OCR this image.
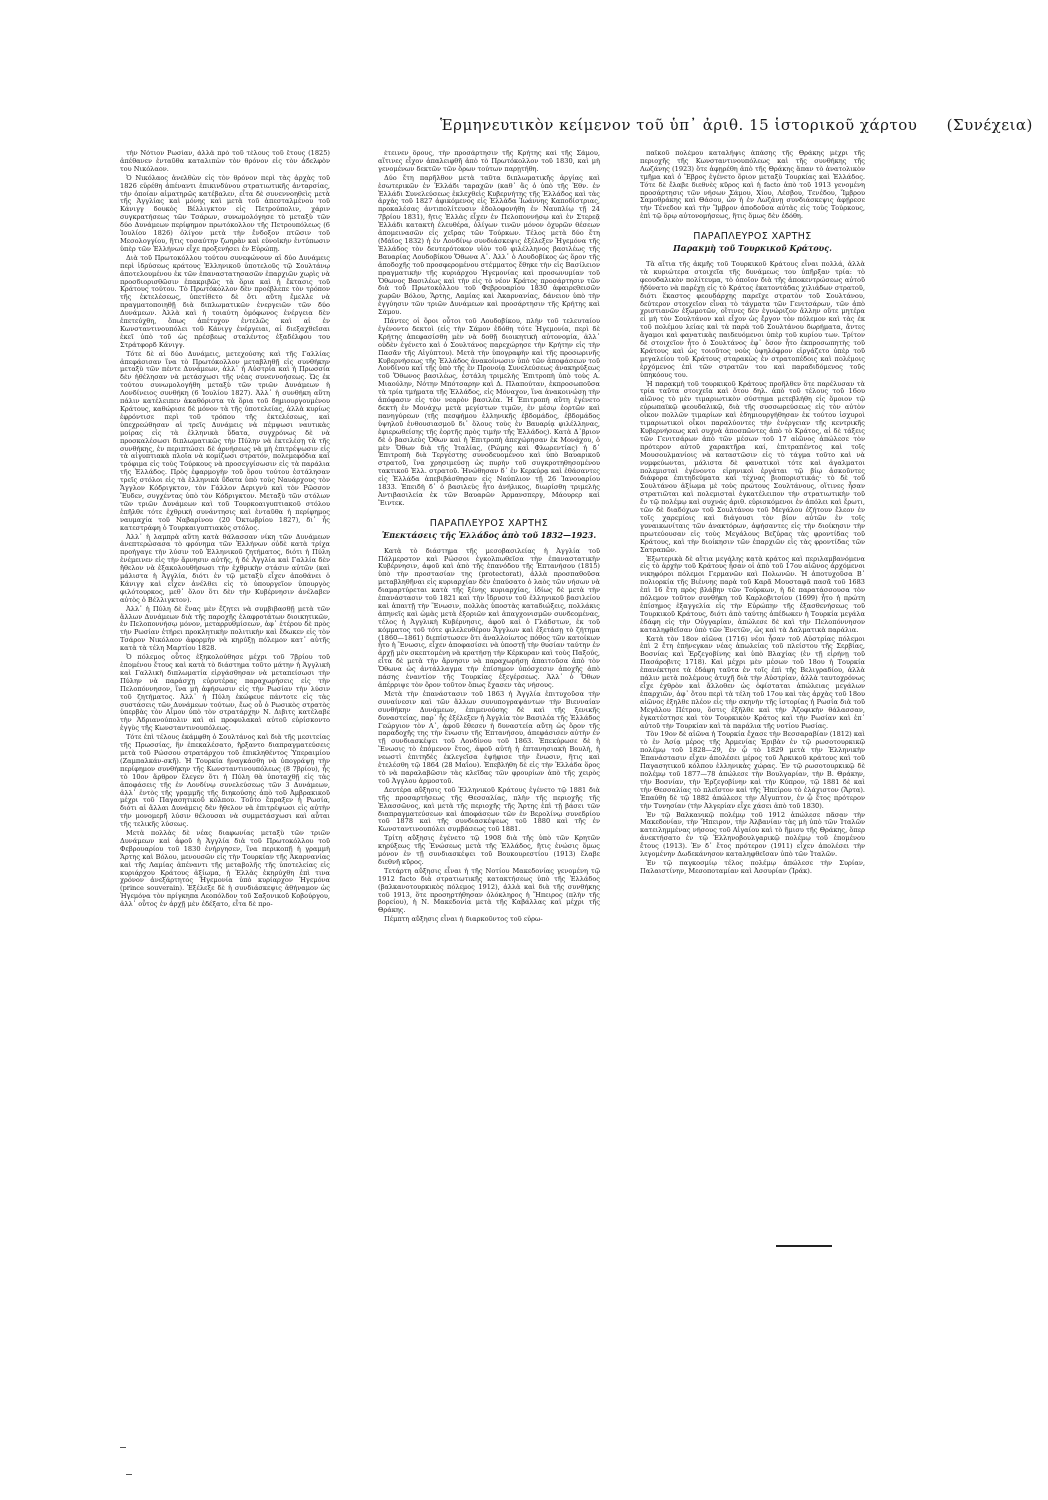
Ἑρμηνευτικὸν κείμενον τοῦ ὑπ᾽ ἀριθ. 15 ἱστορικοῦ χάρτου (Συνέχεια)

τὴν Νότιον Ρωσίαν, ἀλλὰ πρὸ τοῦ τέλους τοῦ ἔτους (1825) ἀπέθανεν ἐνταῦθα καταλιπὼν τὸν θρόνον εἰς τὸν ἀδελφὸν του Νικόλαον.

Ὁ Νικόλαος ἀνελθὼν εἰς τὸν θρόνον περὶ τὰς ἀρχὰς τοῦ 1826 εὑρέθη ἀπέναντι ἐπικινδύνου στρατιωτικῆς ἀνταρσίας, τὴν ὁποίαν αἱματηρῶς κατέβαλεν, εἶτα δὲ συνεννοηθεὶς μετὰ τῆς Ἀγγλίας καὶ μόνης καὶ μετὰ τοῦ ἀπεσταλμένου τοῦ Κάνιγγ δουκὸς Βέλλιγκτον εἰς Πετρούπολιν, χάριν συγκρατήσεως τῶν Τσάρων, συνωμολόγησε τὸ μεταξὺ τῶν δύο Δυνάμεων περίφημον πρωτόκολλον τῆς Πετρουπόλεως (6 Ἰουλίου 1826) ὀλίγον μετὰ τὴν ἔνδοξον πτῶσιν τοῦ Μεσολογγίου, ἥτις τοσαύτην ζωηρὰν καὶ εὐνοϊκὴν ἐντύπωσιν ὑπὲρ τῶν Ἑλλήνων εἶχε προξενήσει ἐν Εὐρώπῃ.

Διὰ τοῦ Πρωτοκόλλου τούτου συνεφώνουν αἱ δύο Δυνάμεις περὶ ἱδρύσεως κράτους Ἑλληνικοῦ ὑποτελοῦς τῷ Σουλτάνῳ ἀποτελουμένου ἐκ τῶν ἐπαναστατησασῶν ἐπαρχιῶν χωρὶς νὰ προσδιορισθῶσιν ἐπακριβῶς τὰ ὅρια καὶ ἡ ἔκτασις τοῦ Κράτους τούτου. Τὸ Πρωτόκολλον δὲν προέβλεπε τὸν τρόπον τῆς ἐκτελέσεως, ὑπετίθετο δὲ ὅτι αὕτη ἔμελλε νὰ πραγματοποιηθῇ διὰ διπλωματικῶν ἐνεργειῶν τῶν δύο Δυνάμεων. Ἀλλὰ καὶ ἡ τοιαύτη ὁμόφωνος ἐνέργεια δὲν ἐπετεύχθη, ὅπως ἀπέτυχον ἐντελῶς καὶ αἱ ἐν Κωνσταντινουπόλει τοῦ Κάνιγγ ἐνέργειαι, αἱ διεξαχθεῖσαι ἐκεῖ ὑπὸ τοῦ ὡς πρέσβεως σταλέντος ἐξαδέλφου του Στράτφορδ Κάνιγγ.

Τότε δὲ αἱ δύο Δυνάμεις, μετεχούσης καὶ τῆς Γαλλίας ἀπεφάσισαν ἵνα τὸ Πρωτόκολλον μεταβληθῇ εἰς συνθήκην μεταξὺ τῶν πέντε Δυνάμεων, ἀλλ᾽ ἡ Αὐστρία καὶ ἡ Πρωσσία δὲν ἠθέλησαν νὰ μετάσχωσι τῆς νέας συνεννοήσεως. Ὡς ἐκ τούτου συνωμολογήθη μεταξὺ τῶν τριῶν Δυνάμεων ἡ Λονδίνειος συνθήκη (6 Ἰουλίου 1827). Ἀλλ᾽ ἡ συνθήκη αὕτη πάλιν κατέλειπεν ἀκαθόριστα τὰ ὅρια τοῦ δημιουργουμένου Κράτους, καθώρισε δὲ μόνον τὰ τῆς ὑποτελείας, ἀλλὰ κυρίως ἐφρόντισε περὶ τοῦ τρόπου τῆς ἐκτελέσεως, καὶ ὑπεχρεώθησαν αἱ τρεῖς Δυνάμεις νὰ πέμψωσι ναυτικὰς μοίρας εἰς τὰ ἑλληνικὰ ὕδατα, συγχρόνως δὲ νὰ προσκαλέσωσι διπλωματικῶς τὴν Πύλην νὰ ἐκτελέσῃ τὰ τῆς συνθήκης, ἐν περιπτώσει δὲ ἀρνήσεως νὰ μὴ ἐπιτρέψωσιν εἰς τὰ αἰγυπτιακὰ πλοῖα νὰ κομίζωσι στρατόν, πολεμεφόδια καὶ τρόφιμα εἰς τοὺς Τούρκους νὰ προσεγγίσωσιν εἰς τὰ παράλια τῆς Ἑλλάδος. Πρὸς ἐφαρμογὴν τοῦ ὅρου τούτου ἐστάλησαν τρεῖς στόλοι εἰς τὰ ἑλληνικὰ ὕδατα ὑπὸ τοὺς Ναυάρχους τὸν Ἄγγλον Κόδριγκτον, τὸν Γάλλον Δεριγνὺ καὶ τὸν Ρῶσσον Ἔυδεν, συγχέντας ὑπὸ τὸν Κόδριγκτον. Μεταξὺ τῶν στόλων τῶν τριῶν Δυνάμεων καὶ τοῦ Τουρκοαιγυπτιακοῦ στόλου ἐπῆλθε τότε ἐχθρικὴ συνάντησις καὶ ἐνταῦθα ἡ περίφημος ναυμαχία τοῦ Ναβαρίνου (20 Ὀκτωβρίου 1827), δι᾽ ἧς κατεστράφη ὁ Τουρκαιγυπτιακὸς στόλος.

Ἀλλ᾽ ἡ λαμπρὰ αὕτη κατὰ θάλασσαν νίκη τῶν Δυνάμεων ἀνεπτερώσασα τὸ φρόνημα τῶν Ἑλλήνων οὐδὲ κατὰ τρίχα προήγαγε τὴν λύσιν τοῦ Ἑλληνικοῦ ζητήματος, διότι ἡ Πύλη ἐνέμεινεν εἰς τὴν ἄρνησιν αὐτῆς, ἡ δὲ Ἀγγλία καὶ Γαλλία δὲν ἤθελον νὰ ἐξακολουθήσωσι τὴν ἐχθρικὴν στάσιν αὐτῶν (καὶ μάλιστα ἡ Ἀγγλία, διότι ἐν τῷ μεταξὺ εἶχεν ἀποθάνει ὁ Κάνιγγ καὶ εἶχεν ἀνέλθει εἰς τὸ ὑπουργεῖον ὑπουργὸς φιλότουρκος, μεθ᾽ ὅλον ὅτι δὲν τὴν Κυβέρνησιν ἀνέλαβεν αὐτὸς ὁ Βέλλιγκτον).

Ἀλλ᾽ ἡ Πύλη δὲ ἕνας μὲν ἔζητει νὰ συμβιβασθῇ μετὰ τῶν ἄλλων Δυνάμεων διὰ τῆς παροχῆς ἐλαφροτάτων διοικητικῶν, ἐν Πελοποννήσῳ μόνον, μεταρρυθμίσεων, ἀφ᾽ ἑτέρου δὲ πρὸς τὴν Ρωσίαν ἐτήρει προκλητικὴν πολιτικὴν καὶ ἔδωκεν εἰς τὸν Τσάρον Νικόλαον ἀφορμὴν νὰ κηρύξῃ πόλεμον κατ᾽ αὐτῆς κατὰ τὰ τέλη Μαρτίου 1828.

Ὁ πόλεμος οὗτος ἐξηκολούθησε μέχρι τοῦ 7βρίου τοῦ ἐπομένου ἔτους καὶ κατὰ τὸ διάστημα τοῦτο μάτην ἡ Ἀγγλικὴ καὶ Γαλλικὴ διπλωματία εἰργάσθησαν νὰ μεταπείσωσι τὴν Πύλην νὰ παράσχῃ εὐρυτέρας παραχωρήσεις εἰς τὴν Πελοπόννησον, ἵνα μὴ ἀφήσωσιν εἰς τὴν Ρωσίαν τὴν λύσιν τοῦ ζητήματος. Ἀλλ᾽ ἡ Πύλη ἐκώφευε πάντοτε εἰς τὰς συστάσεις τῶν Δυνάμεων τούτων, ἕως οὗ ὁ Ρωσικὸς στρατὸς ὑπερβὰς τὸν Αἶμον ὑπὸ τὸν στρατάρχην Ν. Διβιτς κατέλαβε τὴν Ἀδριανούπολιν καὶ αἱ προφυλακαὶ αὐτοῦ εὑρίσκοντο ἐγγὺς τῆς Κωνσταντινουπόλεως.

Τότε ἐπὶ τέλους ἐκάμφθη ὁ Σουλτάνος καὶ διὰ τῆς μεσιτείας τῆς Πρωσσίας, ἣν ἐπεκαλέσατο, ἤρξαντο διαπραγματεύσεις μετὰ τοῦ Ρώσσου στρατάρχου τοῦ ἐπικληθέντος Ὑπεραιμίου (Ζαμπαλκάν-σκῆ). Ἡ Τουρκία ἠναγκάσθη νὰ ὑπογράψῃ τὴν περίφημον συνθήκην τῆς Κωνσταντινουπόλεως (8 7βρίου), ἧς τὸ 10ον ἄρθρον ἔλεγεν ὅτι ἡ Πύλη θὰ ὑποταχθῇ εἰς τὰς ἀποφάσεις τῆς ἐν Λονδίνῳ συνελεύσεως τῶν 3 Δυνάμεων, ἀλλ᾽ ἐντὸς τῆς γραμμῆς τῆς διηκούσης ἀπὸ τοῦ Ἀμβρακικοῦ μέχρι τοῦ Παγασητικοῦ κόλπου. Τοῦτο ἔπραξεν ἡ Ρωσία, διότι αἱ ἄλλαι Δυνάμεις δὲν ἤθελον νὰ ἐπιτρέψωσι εἰς αὐτὴν τὴν μονομερῆ λύσιν θέλουσαι νὰ συμμετάσχωσι καὶ αὗται τῆς τελικῆς λύσεως.

Μετὰ πολλὰς δὲ νέας διαφωνίας μεταξὺ τῶν τριῶν Δυνάμεων καὶ ἀφοῦ ἡ Ἀγγλία διὰ τοῦ Πρωτοκόλλου τοῦ Φεβρουαρίου τοῦ 1830 ἐνήργησεν, ἵνα περικοπῇ ἡ γραμμὴ Ἄρτης καὶ Βόλου, μενουσῶν εἰς τὴν Τουρκίαν τῆς Ἀκαρνανίας καὶ τῆς Λαμίας ἀπέναντι τῆς μεταβολῆς τῆς ὑποτελείας εἰς κυριάρχου Κράτους ἀξίωμα, ἡ Ἑλλὰς ἐκηρύχθη ἐπὶ τινα χρόνον ἀνεξάρτητος Ἡγεμονία ὑπὸ κυρίαρχον Ἡγεμόνα (prince souverain). Ἐξέλεξε δὲ ἡ συνδιάσκεψις ἀθήναμον ὡς Ἡγεμόνα τὸν πρίγκηπα Λεοπόλδον τοῦ Σαξονικοῦ Κοβούργου, ἀλλ᾽ οὗτος ἐν ἀρχῇ μὲν ἐδέξατο, εἶτα δὲ προ-

έτεινεν ὅρους, τὴν προσάρτησιν τῆς Κρήτης καὶ τῆς Σάμου, αἵτινες εἶχον ἀπαλειφθῆ ἀπὸ τὸ Πρωτόκολλον τοῦ 1830, καὶ μὴ γενομένων δεκτῶν τῶν ὅρων τούτων παρῃτήθη.

Δύο ἔτη παρῆλθον μετὰ ταῦτα διπλωματικῆς ἀργίας καὶ ἐσωτερικῶν ἐν Ἑλλάδι ταραχῶν (καθ᾽ ἃς ὁ ὑπὸ τῆς Ἐθν. ἐν Ἑλλάδι Συνελεύσεως ἐκλεχθεὶς Κυβερνήτης τῆς Ἑλλάδος καὶ τὰς ἀρχὰς τοῦ 1827 ἀφικόμενος εἰς Ἑλλάδα Ἰωάννης Καποδίστριας, προκαλέσας ἀντιπολίτευσιν ἐδολοφονήθη ἐν Ναυπλίῳ τῇ 24 7βρίου 1831), ἥτις Ἑλλὰς εἶχεν ἐν Πελοποννήσῳ καὶ ἐν Στερεᾷ Ἑλλάδι κατακτὴ ἐλευθέρα, ὀλίγων τινῶν μόνον ὀχυρῶν θέσεων ἀπομεινασῶν εἰς χεῖρας τῶν Τούρκων. Τέλος μετὰ δύο ἔτη (Μάϊος 1832) ἡ ἐν Λονδίνῳ συνδιάσκεψις ἐξέλεξεν Ἡγεμόνα τῆς Ἑλλάδος τὸν δευτερότοκον υἱὸν τοῦ φιλέλληνος βασιλέως τῆς Βαυαρίας Λουδοβίκου Ὄθωνα Α᾽. Ἀλλ᾽ ὁ Λουδοβίκος ὡς ὅρον τῆς ἀποδοχῆς τοῦ προσφερομένου στέμματος ἔθηκε τὴν εἰς Βασίλειον πραγματικὴν τῆς κυριάρχου Ἡγεμονίας καὶ προσωνυμίαν τοῦ Ὄθωνος Βασιλέως καὶ τὴν εἰς τὸ νέον Κράτος προσάρτησιν τῶν διὰ τοῦ Πρωτοκόλλου τοῦ Φεβρουαρίου 1830 ἀφαιρεθεισῶν χωρῶν Βόλου, Ἄρτης, Λαμίας καὶ Ἀκαρνανίας, δάνειον ὑπὸ τὴν ἐγγύησιν τῶν τριῶν Δυνάμεων καὶ προσάρτησιν τῆς Κρήτης καὶ Σάμου.

Πάντες οἱ ὅροι οὗτοι τοῦ Λουδοβίκου, πλὴν τοῦ τελευταίου ἐγένοντο δεκτοὶ (εἰς τὴν Σάμον ἐδόθη τότε Ἡγεμονία, περὶ δὲ Κρήτης ἀπεφασίσθη μὲν νὰ δοθῇ διοικητικὴ αὐτονομία, ἀλλ᾽ οὐδὲν ἐγένετο καὶ ὁ Σουλτάνος παρεχώρησε τὴν Κρήτην εἰς τὴν Πασᾶν τῆς Αἰγύπτου). Μετὰ τὴν ὑπογραφὴν καὶ τῆς προσωρινῆς Κυβερνήσεως τῆς Ἑλλάδος ἀνακοίνωσιν ὑπὸ τῶν ἀποφάσεων τοῦ Λονδίνου καὶ τῆς ὑπὸ τῆς ἐν Προνοίᾳ Συνελεύσεως ἀνακηρύξεως τοῦ Ὄθωνος βασιλέως, ἐστάλη τριμελὴς Ἐπιτροπὴ ὑπὸ τοὺς Α. Μιαούλην, Νότην Μπότσαρην καὶ Δ. Πλαπούταν, ἐκπροσωποῦσα τὰ τρία τμήματα τῆς Ἑλλάδος, εἰς Μόναχον, ἵνα ἀνακοινώσῃ τὴν ἀπόφασιν εἰς τὸν νεαρὸν βασιλέα. Ἡ Ἐπιτροπὴ αὕτη ἐγένετο δεκτὴ ἐν Μονάχῳ μετὰ μεγίστων τιμῶν, ἐν μέσῳ ἑορτῶν καὶ πανηγύρεων (τῆς πεσφήμου ἑλληνικῆς ἑβδομάδος, ἑβδομάδος ὑψηλοῦ ἐνθουσιασμοῦ δι᾽ ὅλους τοὺς ἐν Βαυαρίᾳ φιλέλληνας, ἐφιερωθείσης τῆς ἑορτῆς πρὸς τιμὴν τῆς Ἑλλάδος). Κατὰ Δ᾽βριον δὲ ὁ βασιλεὺς Ὄθων καὶ ἡ Ἐπιτροπὴ ἀπεχώρησαν ἐκ Μονάχου, ὁ μὲν Ὄθων διὰ τῆς Ἰταλίας, (Ρώμης καὶ Φλωρεντίας) ἡ δ᾽ Ἐπιτροπὴ διὰ Τεργέστης συνοδευομένου καὶ ὑπὸ Βαυαρικοῦ στρατοῦ, ἵνα χρησιμεύσῃ ὡς πυρὴν τοῦ συγκροτηθησομένου τακτικοῦ Ἑλλ. στρατοῦ. Ἡνώθησαν δ᾽ ἐν Κερκύρᾳ καὶ ἐθάσαντες εἰς Ἑλλάδα ἀπεβιβάσθησαν εἰς Ναύπλιον τῇ 26 Ἰανουαρίου 1833. Ἐπειδὴ δ᾽ ὁ βασιλεὺς ἦτο ἀνήλικος, διωρίσθη τριμελὴς Ἀντιβασιλεία ἐκ τῶν Βαυαρῶν Ἀρμανσπεργ, Μάουρερ καὶ Ἔιντεκ.

ΠΑΡΑΠΛΕΥΡΟΣ ΧΑΡΤΗΣ
Ἐπεκτάσεις τῆς Ἑλλάδος ἀπὸ τοῦ 1832—1923.

Κατὰ τὸ διάστημα τῆς μεσοβασιλείας ἡ Ἀγγλία τοῦ Πάλμερστον καὶ Ρώσσοι ἐγκολπωθεῖσα τὴν ἐπαναστατικὴν Κυβέρνησιν, ἀφοῦ καὶ ἀπὸ τῆς ἐπανόδου τῆς Ἑπτανήσου (1815) ὑπὸ τὴν προστασίαν της (protectorat), ἀλλὰ προσπαθοῦσα μεταβληθῆναι εἰς κυριαρχίαν δὲν ἐπαύσατο ὁ λαὸς τῶν νήσων νὰ διαμαρτύρεται κατὰ τῆς ξένης κυριαρχίας, ἰδίως δὲ μετὰ τὴν ἐπανάστασιν τοῦ 1821 καὶ τὴν ἵδρυσιν τοῦ ἑλληνικοῦ βασιλείου καὶ ἀπαιτῇ τὴν Ἕνωσιν, πολλὰς ὑποστὰς καταδιώξεις, πολλάκις ἀπηνεῖς καὶ ὡμὰς μετὰ ἐξοριῶν καὶ ἀπαγχονισμῶν συνδεομένας, τέλος ἡ Ἀγγλικὴ Κυβέρνησις, ἀφοῦ καὶ ὁ Γλάδστων, ἐκ τοῦ κόμματος τοῦ τότε φιλελευθέρου Ἄγγλων καὶ ἐξετάσῃ τὸ ζήτημα (1860—1861) διεπίστωσεν ὅτι ἀναλλοίωτος πόθος τῶν κατοίκων ἦτο ἡ Ἕνωσις, εἶχεν ἀποφασίσει νὰ ὑποστῇ τὴν θυσίαν ταύτην ἐν ἀρχῇ μὲν σκεπτομένη νὰ κρατήσῃ τὴν Κέρκυραν καὶ τοὺς Παξούς, εἶτα δὲ μετὰ τὴν ἄρνησιν νὰ παραχωρήσῃ ἀπαιτοῦσα ἀπὸ τὸν Ὄθωνα ὡς ἀντάλλαγμα τὴν ἐπίσημον ὑπόσχεσιν ἀποχῆς ἀπὸ πάσης ἐναντίον τῆς Τουρκίας ἐξεγέρσεως. Ἀλλ᾽ ὁ Ὄθων ἀπέρριψε τὸν ὅρον τοῦτον ὅπως ἔχασεν τὰς νήσους.

Μετὰ τὴν ἐπανάστασιν τοῦ 1863 ἡ Ἀγγλία ἐπιτυχοῦσα τὴν συναίνεσιν καὶ τῶν ἄλλων συνυπογραψάντων τὴν Βιενναίαν συνθήκην Δυνάμεων, ἐπιμενούσης δὲ καὶ τῆς ξενικῆς δυναστείας, παρ᾽ ἧς ἐξέλεξεν ἡ Ἀγγλία τὸν Βασιλέα τῆς Ἑλλάδος Γεώργιον τὸν Α᾽, ἀφοῦ ἔθεσεν ἡ δυναστεία αὕτη ὡς ὅρον τῆς παραδοχῆς της τὴν ἕνωσιν τῆς Ἑπτανήσου, ἀπεφάσισεν αὐτὴν ἐν τῇ συνδιασκέψει τοῦ Λονδίνου τοῦ 1863. Ἐπεκύρωσε δὲ ἡ Ἕνωσις τὸ ἑπόμενον ἔτος, ἀφοῦ αὐτὴ ἡ ἑπτανησιακὴ Βουλὴ, ἡ νεωστὶ ἐπιτηδὲς ἐκλεγεῖσα ἐψήφισε τὴν ἕνωσιν, ἥτις καὶ ἐτελέσθη τῷ 1864 (28 Μαΐου). Ἐπεβλήθη δὲ εἰς τὴν Ἑλλάδα ὅρος τὸ νὰ παραλαβῶσιν τὰς κλεῖδας τῶν φρουρίων ἀπὸ τῆς χειρὸς τοῦ Ἀγγλου ἁρμοστοῦ.

Δευτέρα αὔξησις τοῦ Ἑλληνικοῦ Κράτους ἐγένετο τῷ 1881 διὰ τῆς προσαρτήσεως τῆς Θεσσαλίας, πλὴν τῆς περιοχῆς τῆς Ἐλασσῶνος, καὶ μετὰ τῆς περιοχῆς τῆς Ἄρτης ἐπὶ τῇ βάσει τῶν διαπραγματεύσεων καὶ ἀποφάσεων τῶν ἐν Βερολίνῳ συνεδρίου τοῦ 1878 καὶ τῆς συνδιασκέψεως τοῦ 1880 καὶ τῆς ἐν Κωνσταντινουπόλει συμβάσεως τοῦ 1881.

Τρίτη αὔξησις ἐγένετο τῷ 1908 διὰ τῆς ὑπὸ τῶν Κρητῶν κηρύξεως τῆς Ἑνώσεως μετὰ τῆς Ἑλλάδος, ἥτις ἐνώσις ὅμως μόνον ἐν τῇ συνδιασκέψει τοῦ Βουκουρεστίου (1913) ἔλαβε διεθνῆ κῦρος.

Τετάρτη αὔξησις εἶναι ἡ τῆς Νοτίου Μακεδονίας γενομένη τῷ 1912 facto διὰ στρατιωτικῆς κατακτήσεως ὑπὸ τῆς Ἑλλάδος (βαλκανοτουρκικὸς πόλεμος 1912), ἀλλὰ καὶ διὰ τῆς συνθήκης τοῦ 1913, ὅτε προσηρτήθησαν ὁλόκληρος ἡ Ἤπειρος (πλὴν τῆς βορείου), ἡ Ν. Μακεδονία μετὰ τῆς Καβάλλας καὶ μέχρι τῆς Θράκης.

Πέμπτη αὔξησις εἶναι ἡ διαρκοῦντος τοῦ εὐρω-

παϊκοῦ πολέμου καταλήψις ἁπάσης τῆς Θράκης μέχρι τῆς περιοχῆς τῆς Κωνσταντινουπόλεως καὶ τῆς συνθήκης τῆς Λωζάνης (1923) ὅτε ἀφῃρέθη ἀπὸ τῆς Θράκης ἅπαν τὸ ἀνατολικὸν τμῆμα καὶ ὁ Ἕβρος ἐγένετο ὅριον μεταξὺ Τουρκίας καὶ Ἑλλάδος. Τότε δὲ ἔλαβε διεθνὲς κῦρος καὶ ἡ facto ἀπὸ τοῦ 1913 γενομένη προσάρτησις τῶν νήσων Σάμου, Χίου, Λέσβου, Τενέδου, Ἴμβρου Σαμοθράκης καὶ Θάσου, ὧν ἡ ἐν Λωζάνῃ συνδιάσκεψις ἀφῄρεσε τὴν Τένεδον καὶ τὴν Ἴμβρον ἀποδοῦσα αὐτὰς εἰς τοὺς Τούρκους, ἐπὶ τῷ ὅρῳ αὐτονομήσεως, ἥτις ὅμως δὲν ἐδόθη.

ΠΑΡΑΠΛΕΥΡΟΣ ΧΑΡΤΗΣ
Παρακμὴ τοῦ Τουρκικοῦ Κράτους.

Τὰ αἴτια τῆς ἀκμῆς τοῦ Τουρκικοῦ Κράτους εἶναι πολλά, ἀλλὰ τὰ κυριώτερα στοιχεῖα τῆς δυνάμεως του ὑπῆρξαν τρία: τὸ φεουδαλικὸν πολίτευμα, τὸ ὁποῖον διὰ τῆς ἀποκεντρώσεως αὐτοῦ ἠδύνατο νὰ παρέχῃ εἰς τὸ Κράτος ἑκατοντάδας χιλιάδων στρατοῦ, διότι ἕκαστος φεουδάρχης παρεῖχε στρατὸν τοῦ Σουλτάνου, δεύτερον στοιχεῖον εἶναι τὸ τάγματα τῶν Γενιτσάρων, τῶν ἀπὸ χριστιανῶν ἐξωμοτῶν, οἵτινες δὲν ἐγνώριζον ἄλλην οὔτε μητέρα εἰ μὴ τὸν Σουλτάνον καὶ εἶχον ὡς ἔργον τὸν πόλεμον καὶ τὰς ἐκ τοῦ πολέμου λείας καὶ τὰ παρὰ τοῦ Σουλτάνου δωρήματα, ἄντες ἄγαμοι καὶ φανατικὰς παιδευόμενοι ὑπὲρ τοῦ κυρίου των. Τρίτον δὲ στοιχεῖον ἦτο ὁ Σουλτάνος ἐφ᾽ ὅσον ἦτο ἐκπροσωπητὴς τοῦ Κράτους καὶ ὡς τοιοῦτος νοὺς ὑψηλόφρον εἰργάζετο ὑπὲρ τοῦ μεγαλείου τοῦ Κράτους σταρακὼς ἐν στρατοπέδοις καὶ πολέμοις ἐρχόμενος ἐπὶ τῶν στρατῶν του καὶ παραδιδόμενος τοῦς ὑπηκόους του.

Ἡ παρακμὴ τοῦ τουρκικοῦ Κράτους προῆλθεν ὅτε παρέλυσαν τὰ τρία ταῦτα στοιχεῖα καὶ ὅτου δηλ. ἀπὸ τοῦ τέλους τοῦ 16ου αἰῶνος τὸ μὲν τιμαριωτικὸν σύστημα μετεβλήθη εἰς ὅμοιον τῷ εὐρωπαϊκῷ φεουδαλικῷ, διὰ τῆς συσσωρεύσεως εἰς τὸν αὐτὸν οἶκον πολλῶν τιμαρίων καὶ ἐδημιουργήθησαν ἐκ τούτου ἰσχυροὶ τιμαριωτικοὶ οἶκοι παραλύοντες τὴν ἐνέργειαν τῆς κεντρικῆς Κυβερνήσεως καὶ συχνὰ ἀποσπῶντες ἀπὸ τὸ Κράτος, αἱ δὲ τάξεις τῶν Γενιτσάρων ἀπὸ τῶν μέσων τοῦ 17 αἰῶνος ἀπώλεσε τὸν πρότερον αὐτοῦ χαρακτῆρα καί, ἐπιτραπέντος καὶ τοῖς Μουσουλμανίοις νὰ καταστῶσιν εἰς τὸ τάγμα τοῦτο καὶ νὰ νυμφεύωνται, μάλιστα δὲ φανατικοὶ τότε καὶ ἀγαλματοι πολεμισταὶ ἐγένοντο εἰρηνικοὶ ἐργάται τῷ βίῳ ἀσκοῦντες διάφορα ἐπιτηδεύματα καὶ τέχνας βιοποριστικάς· τὸ δὲ τοῦ Σουλτάνου ἀξίωμα μὲ τοὺς πρώτους Σουλτάνους, οἵτινες ἦσαν στρατιῶται καὶ πολεμισταὶ ἐγκατέλειπον τὴν στρατιωτικὴν τοῦ ἔν τῷ πολέμῳ καὶ συχνάς ἀριθ. εὐρισκόμενοι ἐν ἀπόλει καὶ ἔρωτι, τῶν δὲ διαδόχων τοῦ Σουλτάνου τοῦ Μεγάλου ἐζήτουν ἔλεον ἐν τοῖς χαρεμίοις καὶ διάγουσι τὸν βίον αὐτῶν ἐν τοῖς γυναικωνίταις τῶν ἀνακτόρων, ἀφήσαντες εἰς τὴν διοίκησιν τὴν πρωτεύουσαν εἰς τοὺς Μεγάλους Βεζύρας τὰς φροντίδας τοῦ Κράτους, καὶ τὴν διοίκησιν τῶν ἐπαρχιῶν εἰς τὰς φροντίδας τῶν Σατραπῶν.

Ἐξωτερικὰ δὲ αἴτια μεγάλης κατὰ κράτος καὶ περιλαμβανόμενα εἰς τὸ ἀρχὴν τοῦ Κράτους ἦσαν οἱ ἀπὸ τοῦ 17ου αἰῶνος ἀρχόμενοι νικηφόροι πόλεμοι Γερμανῶν καὶ Πολωνῶν. Ἡ ἀποτυχοῦσα Β᾽ πολιορκία τῆς Βιέννης παρὰ τοῦ Καρᾶ Μουσταφᾶ πασᾶ τοῦ 1683 ἐπὶ 16 ἔτη πρὸς βλάβην τῶν Τούρκων, ἡ δὲ παρατάσσουσα τὸν πόλεμον τοῦτον συνθήκη τοῦ Καρλοβιτσίου (1699) ἦτο ἡ πρώτη ἐπίσημος ἐξαγγελία εἰς τὴν Εὐρώπην τῆς ἐξασθενήσεως τοῦ Τουρκικοῦ Κράτους, διότι ἀπὸ ταύτης ἀπέδωκεν ἡ Τουρκία μεγάλα ἐδάφη εἰς τὴν Οὐγγαρίαν, ἀπώλεσε δὲ καὶ τὴν Πελοπόννησον καταληφθεῖσαν ὑπὸ τῶν Ἐνετῶν, ὡς καὶ τὰ Δαλματικὰ παράλια.

Κατὰ τὸν 18ον αἰῶνα (1716) νέοι ἦσαν τοῦ Αὐστρίας πόλεμοι ἐπὶ 2 ἔτη ἐπήνεγκαν νέας ἀπωλείας τοῦ πλείστου τῆς Σερβίας, Βοσνίας καὶ Ἐρζεγοβίνης καὶ ὑπὸ Βλαχίας (ἐν τῇ εἰρήνῃ τοῦ Πασάροβιτς 1718). Καὶ μέχρι μὲν μέσων τοῦ 18ου ἡ Τουρκία ἐπανέκτησε τὰ ἐδάφη ταῦτα ἐν τοῖς ἐπὶ τῆς Βελιγραδίου, ἀλλὰ πάλιν μετὰ πολέμους ἀτυχῆ διὰ τὴν Αὐστρίαν, ἀλλὰ ταυτοχρόνως εἶχε ἐχθρὸν καὶ ἄλλοθεν ὡς ὀφίσταται ἀπώλειας μεγάλων ἐπαρχιῶν, ἀφ᾽ ὅτου περὶ τὰ τέλη τοῦ 17ου καὶ τὰς ἀρχὰς τοῦ 18ου αἰῶνος ἐξηλθε πλέον εἰς τὴν σκηνὴν τῆς ἱστορίας ἡ Ρωσία διὰ τοῦ Μεγάλου Πέτρου, ὅστις ἐξῆλθε καὶ τὴν Ἀζοφικὴν θάλασσαν, ἐγκατέστησε καὶ τὸν Τουρκικὸν Κράτος καὶ τὴν Ρωσίαν καὶ ἐπ᾽ αὐτοῦ τὴν Τουρκίαν καὶ τὰ παράλια τῆς νοτίου Ρωσίας.

Τὸν 19ον δὲ αἰῶνα ἡ Τουρκία ἔχασε τὴν Βεσσαραβίαν (1812) καὶ τὸ ἐν Ἀσίᾳ μέρος τῆς Ἀρμενίας Ἐριβὰν ἐν τῷ ρωσοτουρκικῷ πολέμῳ τοῦ 1828—29, ἐν ᾧ τὸ 1829 μετὰ τὴν Ἑλληνικὴν Ἐπανάστασιν εἶχεν ἀπολέσει μέρος τοῦ Ἀρκικοῦ κράτους καὶ τοῦ Παγασητικοῦ κόλπου ἑλληνικὰς χώρας. Ἐν τῷ ρωσοτουρκικῷ δὲ πολέμῳ τοῦ 1877—78 ἀπώλεσε τὴν Βουλγαρίαν, τὴν Β. Θράκην, τὴν Βοσνίαν, τὴν Ἐρζεγοβίνην καὶ τὴν Κύπρον, τῷ 1881 δὲ καὶ τὴν Θεσσαλίας τὸ πλεῖστον καὶ τῆς Ἠπείρου τὸ ἐλάχιστον (Ἄρτα). Ἐπαύθη δὲ τῷ 1882 ἀπώλεσε τὴν Αἴγυπτον, ἐν ᾧ ἔτος πρότερον τὴν Τυνησίαν (τὴν Ἀλγερίαν εἶχε χάσει ἀπὸ τοῦ 1830).

Ἐν τῷ Βαλκανικῷ πολέμῳ τοῦ 1912 ἀπώλεσε πᾶσαν τὴν Μακεδονίαν, τὴν Ἤπειρον, τὴν Ἀλβανίαν τὰς μὴ ὑπὸ τῶν Ἰταλῶν κατειλημμένας νήσους τοῦ Αἰγαίου καὶ τὸ ἥμισυ τῆς Θράκης, ὅπερ ἀνεκτήσατο ἐν τῷ Ἑλληνοβουλγαρικῷ πολέμῳ τοῦ ἑπομένου ἔτους (1913). Ἐν δ᾽ ἔτος πρότερον (1911) εἶχεν ἀπολέσει τὴν λεγομένην Δωδεκάνησον καταληφθεῖσαν ὑπὸ τῶν Ἰταλῶν.

Ἐν τῷ παγκοσμίῳ τέλος πολέμῳ ἀπώλεσε τὴν Συρίαν, Παλαιστίνην, Μεσοποταμίαν καὶ Ἀσσυρίαν (Ἰράκ).
